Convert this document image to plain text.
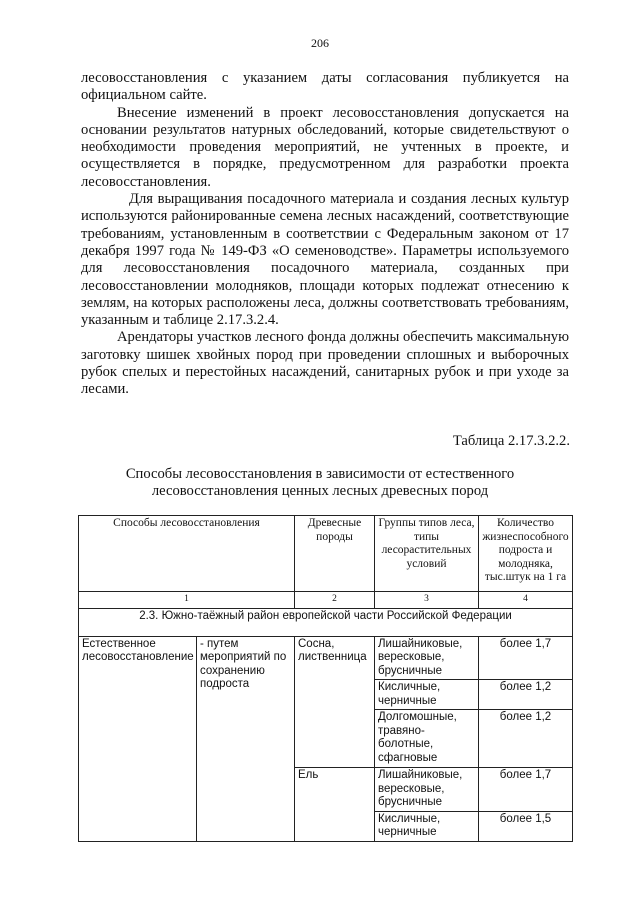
206

лесовосстановления с указанием даты согласования публикуется на официальном сайте.

Внесение изменений в проект лесовосстановления допускается на основании результатов натурных обследований, которые свидетельствуют о необходимости проведения мероприятий, не учтенных в проекте, и осуществляется в порядке, предусмотренном для разработки проекта лесовосстановления.

Для выращивания посадочного материала и создания лесных культур используются районированные семена лесных насаждений, соответствующие требованиям, установленным в соответствии с Федеральным законом от 17 декабря 1997 года № 149-ФЗ «О семеноводстве». Параметры используемого для лесовосстановления посадочного материала, созданных при лесовосстановлении молодняков, площади которых подлежат отнесению к землям, на которых расположены леса, должны соответствовать требованиям, указанным и таблице 2.17.3.2.4.

Арендаторы участков лесного фонда должны обеспечить максимальную заготовку шишек хвойных пород при проведении сплошных и выборочных рубок спелых и перестойных насаждений, санитарных рубок и при уходе за лесами.

Таблица 2.17.3.2.2.
Способы лесовосстановления в зависимости от естественного
лесовосстановления ценных лесных древесных пород
Способы лесовосстановления		Древесные породы	Группы типов леса, типы лесорастительных условий	Количество жизнеспособного подроста и молодняка, тыс.штук на 1 га
1		2	3	4
2.3. Южно-таёжный район европейской части Российской Федерации				
Естественное лесовосстановление	- путем мероприятий по сохранению подроста	Сосна, лиственница	Лишайниковые, вересковые, брусничные	более 1,7
			Кисличные, черничные	более 1,2
			Долгомошные, травяно-болотные, сфагновые	более 1,2
		Ель	Лишайниковые, вересковые, брусничные	более 1,7
			Кисличные, черничные	более 1,5
